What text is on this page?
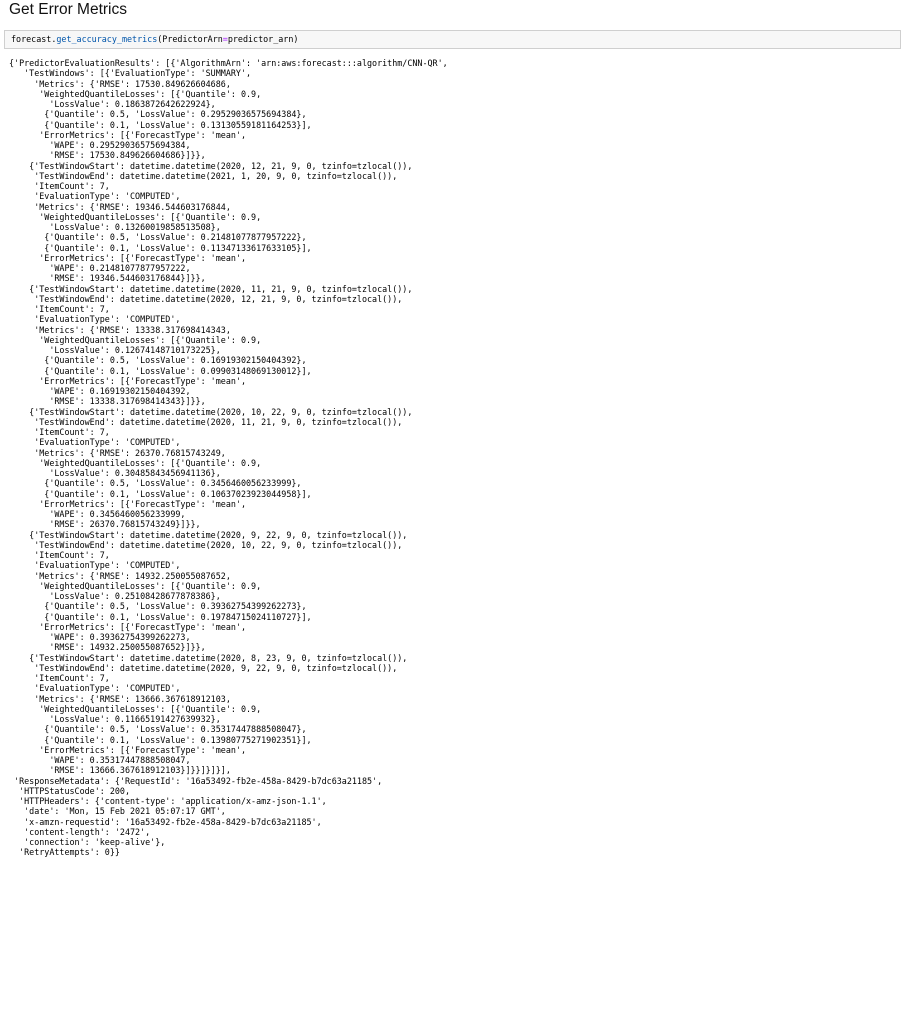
Get Error Metrics
forecast.get_accuracy_metrics(PredictorArn=predictor_arn)
{'PredictorEvaluationResults': [{'AlgorithmArn': 'arn:aws:forecast:::algorithm/CNN-QR',
'TestWindows': [{'EvaluationType': 'SUMMARY',
'Metrics': {'RMSE': 17530.849626604686,
'WeightedQuantileLosses': [{'Quantile': 0.9,
'LossValue': 0.1863872642622924},
{'Quantile': 0.5, 'LossValue': 0.29529036575694384},
{'Quantile': 0.1, 'LossValue': 0.13130559181164253}],
'ErrorMetrics': [{'ForecastType': 'mean',
'WAPE': 0.29529036575694384,
'RMSE': 17530.849626604686}]}},
{'TestWindowStart': datetime.datetime(2020, 12, 21, 9, 0, tzinfo=tzlocal()),
'TestWindowEnd': datetime.datetime(2021, 1, 20, 9, 0, tzinfo=tzlocal()),
'ItemCount': 7,
'EvaluationType': 'COMPUTED',
'Metrics': {'RMSE': 19346.544603176844,
'WeightedQuantileLosses': [{'Quantile': 0.9,
'LossValue': 0.13260019858513508},
{'Quantile': 0.5, 'LossValue': 0.21481077877957222},
{'Quantile': 0.1, 'LossValue': 0.11347133617633105}],
'ErrorMetrics': [{'ForecastType': 'mean',
'WAPE': 0.21481077877957222,
'RMSE': 19346.544603176844}]}},
{'TestWindowStart': datetime.datetime(2020, 11, 21, 9, 0, tzinfo=tzlocal()),
'TestWindowEnd': datetime.datetime(2020, 12, 21, 9, 0, tzinfo=tzlocal()),
'ItemCount': 7,
'EvaluationType': 'COMPUTED',
'Metrics': {'RMSE': 13338.317698414343,
'WeightedQuantileLosses': [{'Quantile': 0.9,
'LossValue': 0.12674148710173225},
{'Quantile': 0.5, 'LossValue': 0.16919302150404392},
{'Quantile': 0.1, 'LossValue': 0.09903148069130012}],
'ErrorMetrics': [{'ForecastType': 'mean',
'WAPE': 0.16919302150404392,
'RMSE': 13338.317698414343}]}},
{'TestWindowStart': datetime.datetime(2020, 10, 22, 9, 0, tzinfo=tzlocal()),
'TestWindowEnd': datetime.datetime(2020, 11, 21, 9, 0, tzinfo=tzlocal()),
'ItemCount': 7,
'EvaluationType': 'COMPUTED',
'Metrics': {'RMSE': 26370.76815743249,
'WeightedQuantileLosses': [{'Quantile': 0.9,
'LossValue': 0.30485843456941136},
{'Quantile': 0.5, 'LossValue': 0.3456460056233999},
{'Quantile': 0.1, 'LossValue': 0.10637023923044958}],
'ErrorMetrics': [{'ForecastType': 'mean',
'WAPE': 0.3456460056233999,
'RMSE': 26370.76815743249}]}},
{'TestWindowStart': datetime.datetime(2020, 9, 22, 9, 0, tzinfo=tzlocal()),
'TestWindowEnd': datetime.datetime(2020, 10, 22, 9, 0, tzinfo=tzlocal()),
'ItemCount': 7,
'EvaluationType': 'COMPUTED',
'Metrics': {'RMSE': 14932.250055087652,
'WeightedQuantileLosses': [{'Quantile': 0.9,
'LossValue': 0.25108428677878386},
{'Quantile': 0.5, 'LossValue': 0.39362754399262273},
{'Quantile': 0.1, 'LossValue': 0.19784715024110727}],
'ErrorMetrics': [{'ForecastType': 'mean',
'WAPE': 0.39362754399262273,
'RMSE': 14932.250055087652}]}},
{'TestWindowStart': datetime.datetime(2020, 8, 23, 9, 0, tzinfo=tzlocal()),
'TestWindowEnd': datetime.datetime(2020, 9, 22, 9, 0, tzinfo=tzlocal()),
'ItemCount': 7,
'EvaluationType': 'COMPUTED',
'Metrics': {'RMSE': 13666.367618912103,
'WeightedQuantileLosses': [{'Quantile': 0.9,
'LossValue': 0.11665191427639932},
{'Quantile': 0.5, 'LossValue': 0.35317447888508047},
{'Quantile': 0.1, 'LossValue': 0.13980775271902351}],
'ErrorMetrics': [{'ForecastType': 'mean',
'WAPE': 0.35317447888508047,
'RMSE': 13666.367618912103}]}}]}]}],
'ResponseMetadata': {'RequestId': '16a53492-fb2e-458a-8429-b7dc63a21185',
'HTTPStatusCode': 200,
'HTTPHeaders': {'content-type': 'application/x-amz-json-1.1',
'date': 'Mon, 15 Feb 2021 05:07:17 GMT',
'x-amzn-requestid': '16a53492-fb2e-458a-8429-b7dc63a21185',
'content-length': '2472',
'connection': 'keep-alive'},
'RetryAttempts': 0}}
